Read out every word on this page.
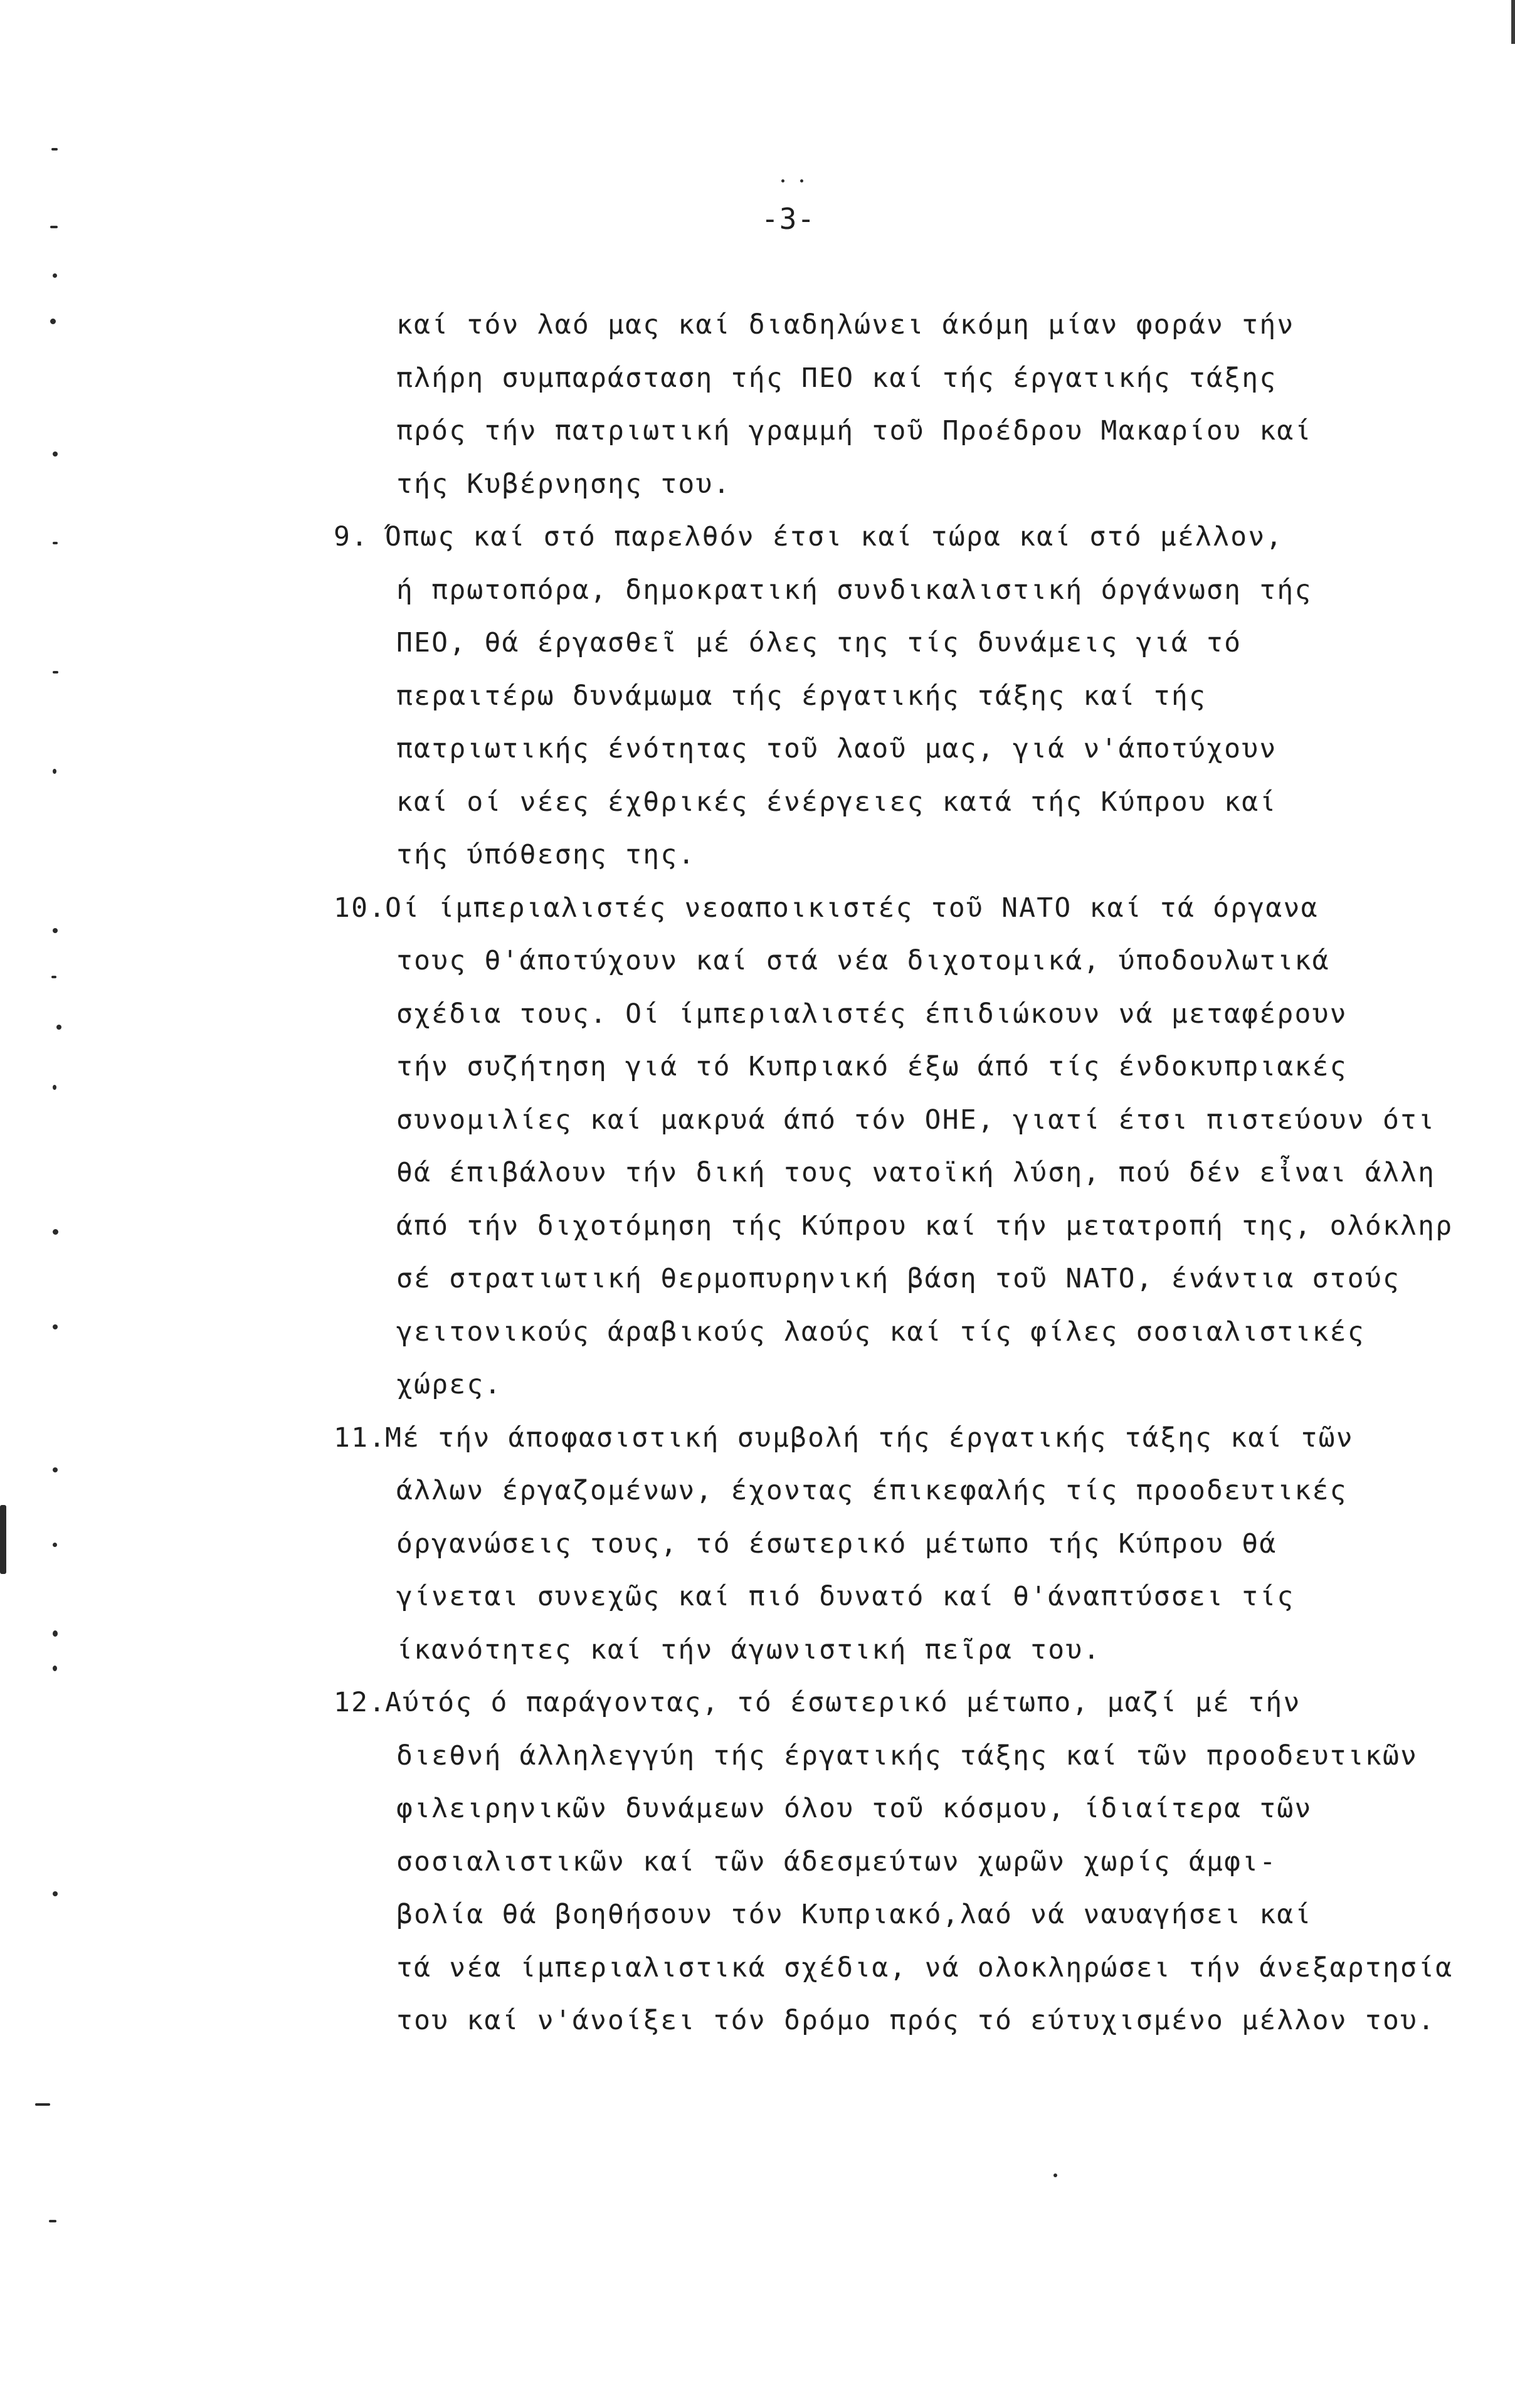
-3-
καί τόν λαό μας καί διαδηλώνει άκόμη μίαν φοράν τήν
πλήρη συμπαράσταση τής ΠΕΟ καί τής έργατικής τάξης
πρός τήν πατριωτική γραμμή τοῦ Προέδρου Μακαρίου καί
τής Κυβέρνησης του.
9. Όπως καί στό παρελθόν έτσι καί τώρα καί στό μέλλον,
ή πρωτοπόρα, δημοκρατική συνδικαλιστική όργάνωση τής
ΠΕΟ, θά έργασθεῖ μέ όλες της τίς δυνάμεις γιά τό
περαιτέρω δυνάμωμα τής έργατικής τάξης καί τής
πατριωτικής ένότητας τοῦ λαοῦ μας, γιά ν'άποτύχουν
καί οί νέες έχθρικές ένέργειες κατά τής Κύπρου καί
τής ύπόθεσης της.
10.
Οί ίμπεριαλιστές νεοαποικιστές τοῦ ΝΑΤΟ καί τά όργανα
τους θ'άποτύχουν καί στά νέα διχοτομικά, ύποδουλωτικά
σχέδια τους. Οί ίμπεριαλιστές έπιδιώκουν νά μεταφέρουν
τήν συζήτηση γιά τό Κυπριακό έξω άπό τίς ένδοκυπριακές
συνομιλίες καί μακρυά άπό τόν ΟΗΕ, γιατί έτσι πιστεύουν ότι
θά έπιβάλουν τήν δική τους νατοϊκή λύση, πού δέν εἶναι άλλη
άπό τήν διχοτόμηση τής Κύπρου καί τήν μετατροπή της, ολόκληρ
σέ στρατιωτική θερμοπυρηνική βάση τοῦ ΝΑΤΟ, ένάντια στούς
γειτονικούς άραβικούς λαούς καί τίς φίλες σοσιαλιστικές
χώρες.
11.
Μέ τήν άποφασιστική συμβολή τής έργατικής τάξης καί τῶν
άλλων έργαζομένων, έχοντας έπικεφαλής τίς προοδευτικές
όργανώσεις τους, τό έσωτερικό μέτωπο τής Κύπρου θά
γίνεται συνεχῶς καί πιό δυνατό καί θ'άναπτύσσει τίς
ίκανότητες καί τήν άγωνιστική πεῖρα του.
12.
Αύτός ό παράγοντας, τό έσωτερικό μέτωπο, μαζί μέ τήν
διεθνή άλληλεγγύη τής έργατικής τάξης καί τῶν προοδευτικῶν
φιλειρηνικῶν δυνάμεων όλου τοῦ κόσμου, ίδιαίτερα τῶν
σοσιαλιστικῶν καί τῶν άδεσμεύτων χωρῶν χωρίς άμφι-
βολία θά βοηθήσουν τόν Κυπριακό,λαό νά ναυαγήσει καί
τά νέα ίμπεριαλιστικά σχέδια, νά ολοκληρώσει τήν άνεξαρτησία
του καί ν'άνοίξει τόν δρόμο πρός τό εύτυχισμένο μέλλον του.
